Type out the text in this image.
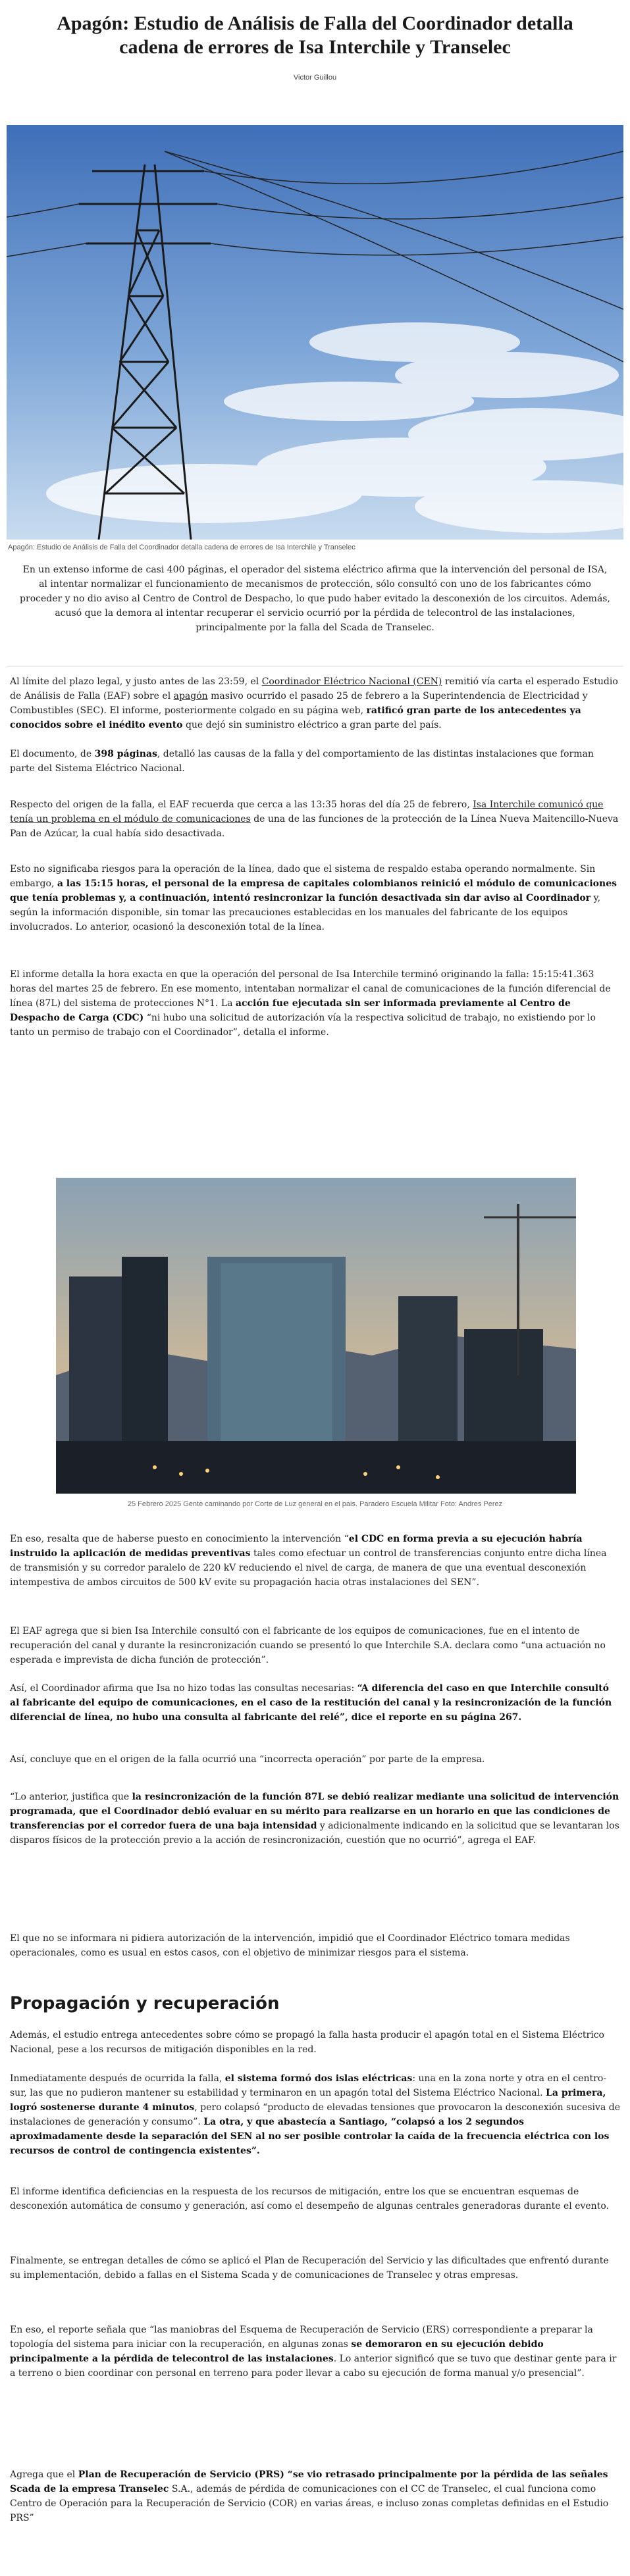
Apagón: Estudio de Análisis de Falla del Coordinador detalla cadena de errores de Isa Interchile y Transelec
Victor Guillou
Apagón: Estudio de Análisis de Falla del Coordinador detalla cadena de errores de Isa Interchile y Transelec

En un extenso informe de casi 400 páginas, el operador del sistema eléctrico afirma que la intervención del personal de ISA, al intentar normalizar el funcionamiento de mecanismos de protección, sólo consultó con uno de los fabricantes cómo proceder y no dio aviso al Centro de Control de Despacho, lo que pudo haber evitado la desconexión de los circuitos. Además, acusó que la demora al intentar recuperar el servicio ocurrió por la pérdida de telecontrol de las instalaciones, principalmente por la falla del Scada de Transelec.

Al límite del plazo legal, y justo antes de las 23:59, el Coordinador Eléctrico Nacional (CEN) remitió vía carta el esperado Estudio de Análisis de Falla (EAF) sobre el apagón masivo ocurrido el pasado 25 de febrero a la Superintendencia de Electricidad y Combustibles (SEC). El informe, posteriormente colgado en su página web, ratificó gran parte de los antecedentes ya conocidos sobre el inédito evento que dejó sin suministro eléctrico a gran parte del país.

El documento, de 398 páginas, detalló las causas de la falla y del comportamiento de las distintas instalaciones que forman parte del Sistema Eléctrico Nacional.

Respecto del origen de la falla, el EAF recuerda que cerca a las 13:35 horas del día 25 de febrero, Isa Interchile comunicó que tenía un problema en el módulo de comunicaciones de una de las funciones de la protección de la Línea Nueva Maitencillo-Nueva Pan de Azúcar, la cual había sido desactivada.

Esto no significaba riesgos para la operación de la línea, dado que el sistema de respaldo estaba operando normalmente. Sin embargo, a las 15:15 horas, el personal de la empresa de capitales colombianos reinició el módulo de comunicaciones que tenía problemas y, a continuación, intentó resincronizar la función desactivada sin dar aviso al Coordinador y, según la información disponible, sin tomar las precauciones establecidas en los manuales del fabricante de los equipos involucrados. Lo anterior, ocasionó la desconexión total de la línea.

El informe detalla la hora exacta en que la operación del personal de Isa Interchile terminó originando la falla: 15:15:41.363 horas del martes 25 de febrero. En ese momento, intentaban normalizar el canal de comunicaciones de la función diferencial de línea (87L) del sistema de protecciones N°1. La acción fue ejecutada sin ser informada previamente al Centro de Despacho de Carga (CDC) “ni hubo una solicitud de autorización vía la respectiva solicitud de trabajo, no existiendo por lo tanto un permiso de trabajo con el Coordinador”, detalla el informe.

25 Febrero 2025 Gente caminando por Corte de Luz general en el pais. Paradero Escuela Militar Foto: Andres Perez

En eso, resalta que de haberse puesto en conocimiento la intervención “el CDC en forma previa a su ejecución habría instruido la aplicación de medidas preventivas tales como efectuar un control de transferencias conjunto entre dicha línea de transmisión y su corredor paralelo de 220 kV reduciendo el nivel de carga, de manera de que una eventual desconexión intempestiva de ambos circuitos de 500 kV evite su propagación hacia otras instalaciones del SEN”.

El EAF agrega que si bien Isa Interchile consultó con el fabricante de los equipos de comunicaciones, fue en el intento de recuperación del canal y durante la resincronización cuando se presentó lo que Interchile S.A. declara como “una actuación no esperada e imprevista de dicha función de protección”.

Así, el Coordinador afirma que Isa no hizo todas las consultas necesarias: “A diferencia del caso en que Interchile consultó al fabricante del equipo de comunicaciones, en el caso de la restitución del canal y la resincronización de la función diferencial de línea, no hubo una consulta al fabricante del relé”, dice el reporte en su página 267.

Así, concluye que en el origen de la falla ocurrió una “incorrecta operación” por parte de la empresa.

“Lo anterior, justifica que la resincronización de la función 87L se debió realizar mediante una solicitud de intervención programada, que el Coordinador debió evaluar en su mérito para realizarse en un horario en que las condiciones de transferencias por el corredor fuera de una baja intensidad y adicionalmente indicando en la solicitud que se levantaran los disparos físicos de la protección previo a la acción de resincronización, cuestión que no ocurrió”, agrega el EAF.

El que no se informara ni pidiera autorización de la intervención, impidió que el Coordinador Eléctrico tomara medidas operacionales, como es usual en estos casos, con el objetivo de minimizar riesgos para el sistema.

Propagación y recuperación

Además, el estudio entrega antecedentes sobre cómo se propagó la falla hasta producir el apagón total en el Sistema Eléctrico Nacional, pese a los recursos de mitigación disponibles en la red.

Inmediatamente después de ocurrida la falla, el sistema formó dos islas eléctricas: una en la zona norte y otra en el centro-sur, las que no pudieron mantener su estabilidad y terminaron en un apagón total del Sistema Eléctrico Nacional. La primera, logró sostenerse durante 4 minutos, pero colapsó “producto de elevadas tensiones que provocaron la desconexión sucesiva de instalaciones de generación y consumo”. La otra, y que abastecía a Santiago, “colapsó a los 2 segundos aproximadamente desde la separación del SEN al no ser posible controlar la caída de la frecuencia eléctrica con los recursos de control de contingencia existentes”.

El informe identifica deficiencias en la respuesta de los recursos de mitigación, entre los que se encuentran esquemas de desconexión automática de consumo y generación, así como el desempeño de algunas centrales generadoras durante el evento.

Finalmente, se entregan detalles de cómo se aplicó el Plan de Recuperación del Servicio y las dificultades que enfrentó durante su implementación, debido a fallas en el Sistema Scada y de comunicaciones de Transelec y otras empresas.

En eso, el reporte señala que “las maniobras del Esquema de Recuperación de Servicio (ERS) correspondiente a preparar la topología del sistema para iniciar con la recuperación, en algunas zonas se demoraron en su ejecución debido principalmente a la pérdida de telecontrol de las instalaciones. Lo anterior significó que se tuvo que destinar gente para ir a terreno o bien coordinar con personal en terreno para poder llevar a cabo su ejecución de forma manual y/o presencial”.

Agrega que el Plan de Recuperación de Servicio (PRS) “se vio retrasado principalmente por la pérdida de las señales Scada de la empresa Transelec S.A., además de pérdida de comunicaciones con el CC de Transelec, el cual funciona como Centro de Operación para la Recuperación de Servicio (COR) en varias áreas, e incluso zonas completas definidas en el Estudio PRS”
